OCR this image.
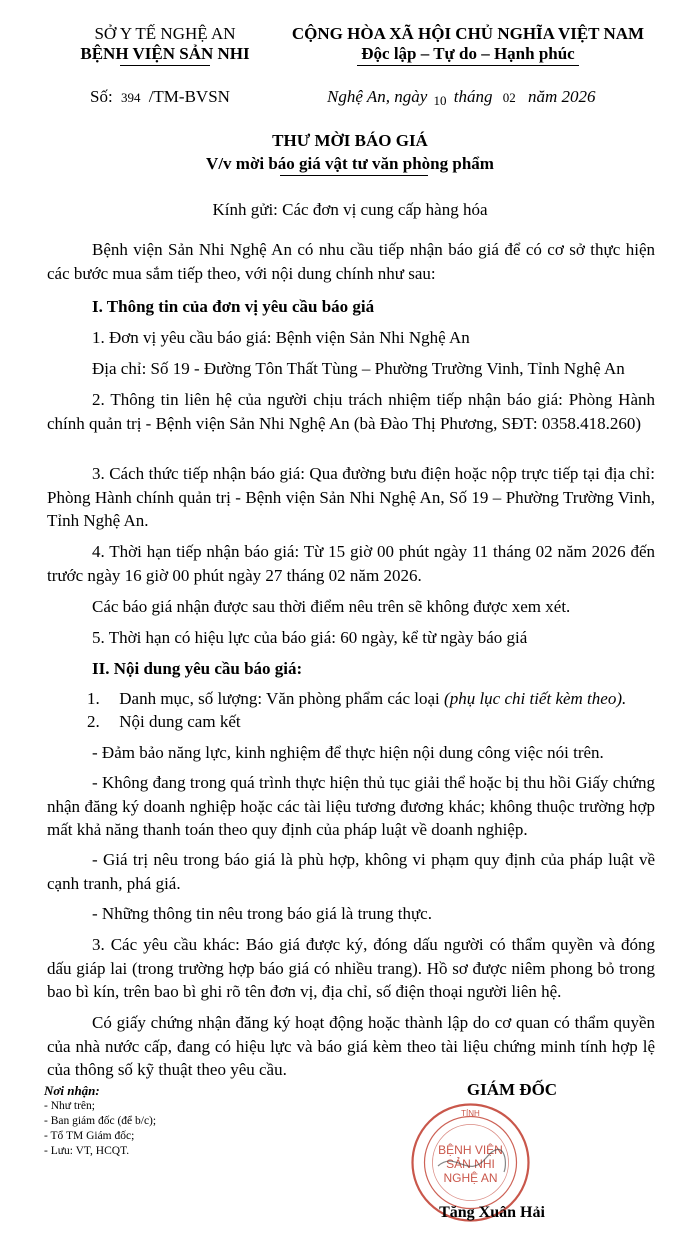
SỞ Y TẾ NGHỆ AN
BỆNH VIỆN SẢN NHI
CỘNG HÒA XÃ HỘI CHỦ NGHĨA VIỆT NAM
Độc lập – Tự do – Hạnh phúc
Số: 394 /TM-BVSN	Nghệ An, ngày 10 tháng 02 năm 2026
THƯ MỜI BÁO GIÁ
V/v mời báo giá vật tư văn phòng phẩm
Kính gửi: Các đơn vị cung cấp hàng hóa
Bệnh viện Sản Nhi Nghệ An có nhu cầu tiếp nhận báo giá để có cơ sở thực hiện các bước mua sắm tiếp theo, với nội dung chính như sau:
I. Thông tin của đơn vị yêu cầu báo giá
1. Đơn vị yêu cầu báo giá: Bệnh viện Sản Nhi Nghệ An
Địa chỉ: Số 19 - Đường Tôn Thất Tùng – Phường Trường Vinh, Tỉnh Nghệ An
2. Thông tin liên hệ của người chịu trách nhiệm tiếp nhận báo giá: Phòng Hành chính quản trị - Bệnh viện Sản Nhi Nghệ An (bà Đào Thị Phương, SĐT: 0358.418.260)
3. Cách thức tiếp nhận báo giá: Qua đường bưu điện hoặc nộp trực tiếp tại địa chỉ: Phòng Hành chính quản trị - Bệnh viện Sản Nhi Nghệ An, Số 19 – Phường Trường Vinh, Tỉnh Nghệ An.
4. Thời hạn tiếp nhận báo giá: Từ 15 giờ 00 phút ngày 11 tháng 02 năm 2026 đến trước ngày 16 giờ 00 phút ngày 27 tháng 02 năm 2026.
Các báo giá nhận được sau thời điểm nêu trên sẽ không được xem xét.
5. Thời hạn có hiệu lực của báo giá: 60 ngày, kể từ ngày báo giá
II. Nội dung yêu cầu báo giá:
1. Danh mục, số lượng: Văn phòng phẩm các loại (phụ lục chi tiết kèm theo).
2. Nội dung cam kết
- Đảm bảo năng lực, kinh nghiệm để thực hiện nội dung công việc nói trên.
- Không đang trong quá trình thực hiện thủ tục giải thể hoặc bị thu hồi Giấy chứng nhận đăng ký doanh nghiệp hoặc các tài liệu tương đương khác; không thuộc trường hợp mất khả năng thanh toán theo quy định của pháp luật về doanh nghiệp.
- Giá trị nêu trong báo giá là phù hợp, không vi phạm quy định của pháp luật về cạnh tranh, phá giá.
- Những thông tin nêu trong báo giá là trung thực.
3. Các yêu cầu khác: Báo giá được ký, đóng dấu người có thẩm quyền và đóng dấu giáp lai (trong trường hợp báo giá có nhiều trang). Hồ sơ được niêm phong bỏ trong bao bì kín, trên bao bì ghi rõ tên đơn vị, địa chỉ, số điện thoại người liên hệ.
Có giấy chứng nhận đăng ký hoạt động hoặc thành lập do cơ quan có thẩm quyền của nhà nước cấp, đang có hiệu lực và báo giá kèm theo tài liệu chứng minh tính hợp lệ của thông số kỹ thuật theo yêu cầu.
Nơi nhận:
- Như trên;
- Ban giám đốc (để b/c);
- Tổ TM Giám đốc;
- Lưu: VT, HCQT.
GIÁM ĐỐC
TỈNH
BỆNH VIỆN
SẢN NHI
NGHỆ AN
Tăng Xuân Hải
